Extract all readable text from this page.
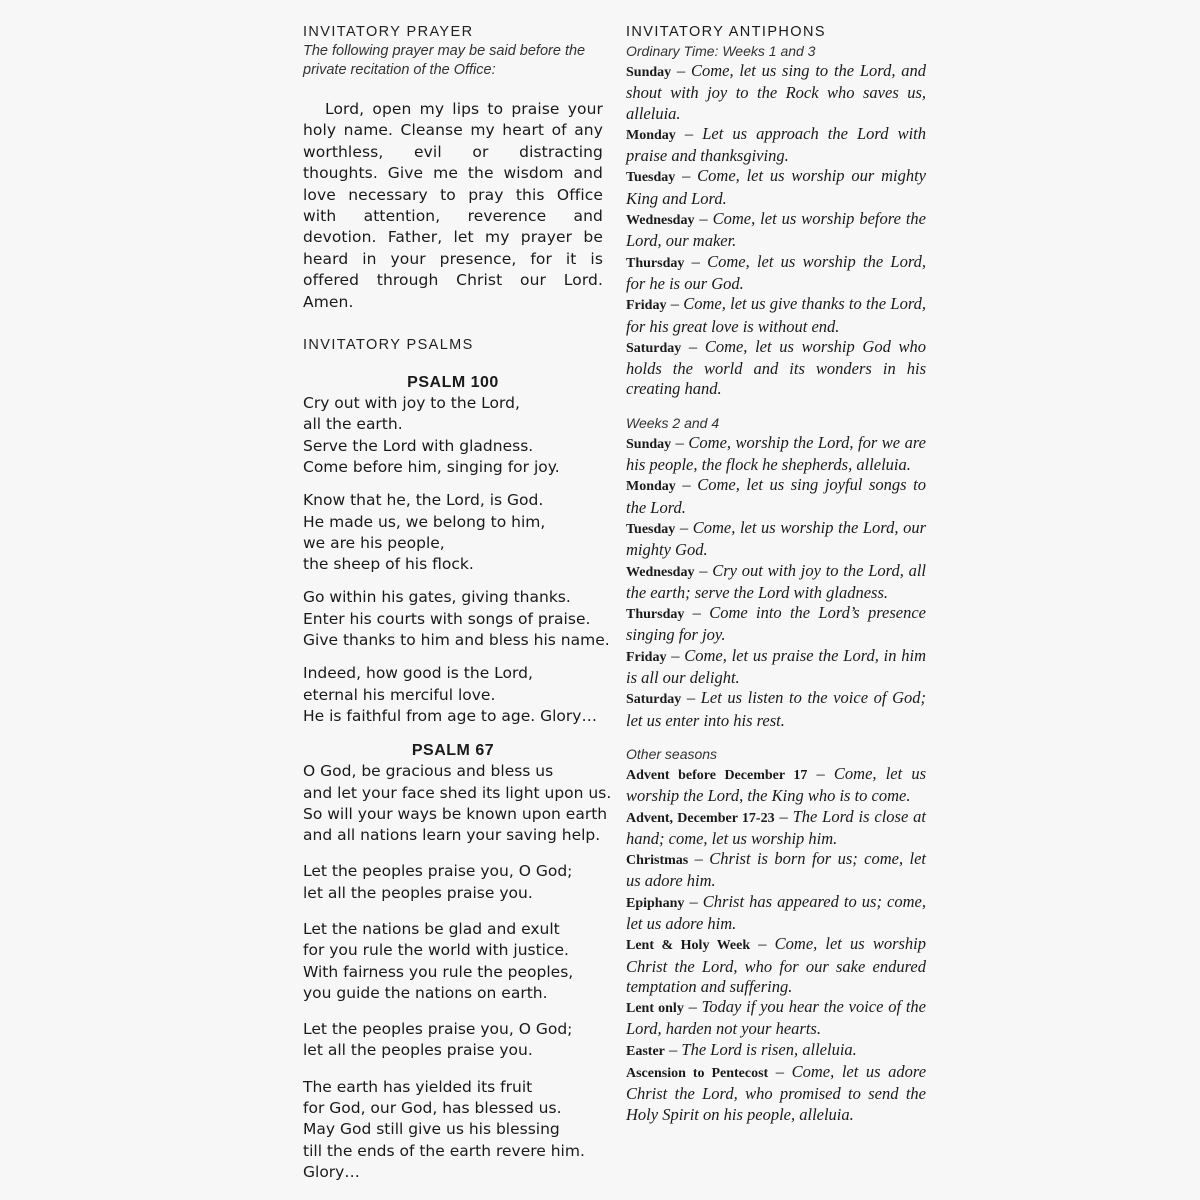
INVITATORY PRAYER
The following prayer may be said before the private recitation of the Office:

Lord, open my lips to praise your holy name. Cleanse my heart of any worthless, evil or distracting thoughts. Give me the wisdom and love necessary to pray this Office with attention, reverence and devotion. Father, let my prayer be heard in your presence, for it is offered through Christ our Lord. Amen.

INVITATORY PSALMS
PSALM 100
Cry out with joy to the Lord,
all the earth.
Serve the Lord with gladness.
Come before him, singing for joy.
Know that he, the Lord, is God.
He made us, we belong to him,
we are his people,
the sheep of his flock.
Go within his gates, giving thanks.
Enter his courts with songs of praise.
Give thanks to him and bless his name.
Indeed, how good is the Lord,
eternal his merciful love.
He is faithful from age to age. Glory…
PSALM 67
O God, be gracious and bless us
and let your face shed its light upon us.
So will your ways be known upon earth
and all nations learn your saving help.
Let the peoples praise you, O God;
let all the peoples praise you.
Let the nations be glad and exult
for you rule the world with justice.
With fairness you rule the peoples,
you guide the nations on earth.
Let the peoples praise you, O God;
let all the peoples praise you.
The earth has yielded its fruit
for God, our God, has blessed us.
May God still give us his blessing
till the ends of the earth revere him.
Glory…
INVITATORY ANTIPHONS
Ordinary Time: Weeks 1 and 3

Sunday – Come, let us sing to the Lord, and shout with joy to the Rock who saves us, alleluia.

Monday – Let us approach the Lord with praise and thanksgiving.

Tuesday – Come, let us worship our mighty King and Lord.

Wednesday – Come, let us worship before the Lord, our maker.

Thursday – Come, let us worship the Lord, for he is our God.

Friday – Come, let us give thanks to the Lord, for his great love is without end.

Saturday – Come, let us worship God who holds the world and its wonders in his creating hand.

Weeks 2 and 4

Sunday – Come, worship the Lord, for we are his people, the flock he shepherds, alleluia.

Monday – Come, let us sing joyful songs to the Lord.

Tuesday – Come, let us worship the Lord, our mighty God.

Wednesday – Cry out with joy to the Lord, all the earth; serve the Lord with gladness.

Thursday – Come into the Lord’s presence singing for joy.

Friday – Come, let us praise the Lord, in him is all our delight.

Saturday – Let us listen to the voice of God; let us enter into his rest.

Other seasons

Advent before December 17 – Come, let us worship the Lord, the King who is to come.

Advent, December 17-23 – The Lord is close at hand; come, let us worship him.

Christmas – Christ is born for us; come, let us adore him.

Epiphany – Christ has appeared to us; come, let us adore him.

Lent & Holy Week – Come, let us worship Christ the Lord, who for our sake endured temptation and suffering.

Lent only – Today if you hear the voice of the Lord, harden not your hearts.

Easter – The Lord is risen, alleluia.

Ascension to Pentecost – Come, let us adore Christ the Lord, who promised to send the Holy Spirit on his people, alleluia.
